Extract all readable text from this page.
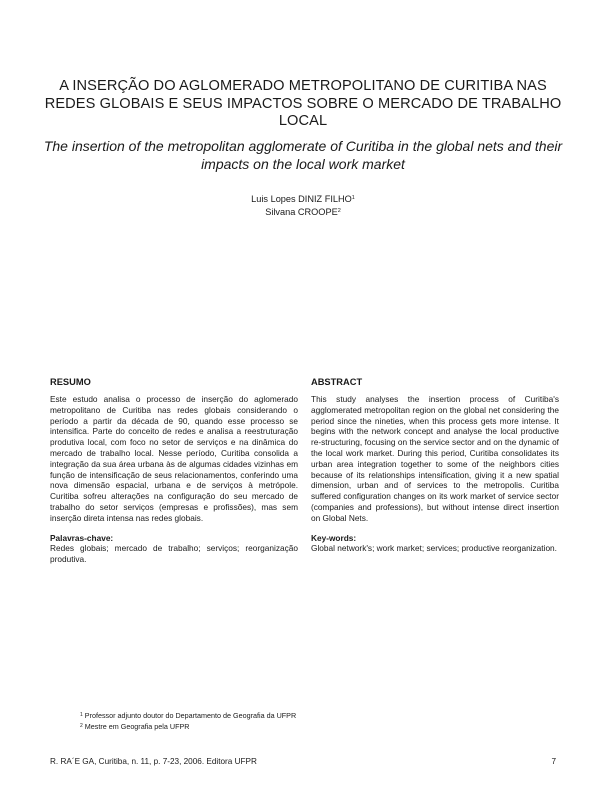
A INSERÇÃO DO AGLOMERADO METROPOLITANO DE CURITIBA NAS REDES GLOBAIS E SEUS IMPACTOS SOBRE O MERCADO DE TRABALHO LOCAL
The insertion of the metropolitan agglomerate of Curitiba in the global nets and their impacts on the local work market
Luis Lopes DINIZ FILHO$^1$
Silvana CROOPE$^2$
RESUMO

Este estudo analisa o processo de inserção do aglomerado metropolitano de Curitiba nas redes globais considerando o período a partir da década de 90, quando esse processo se intensifica. Parte do conceito de redes e analisa a reestruturação produtiva local, com foco no setor de serviços e na dinâmica do mercado de trabalho local. Nesse período, Curitiba consolida a integração da sua área urbana às de algumas cidades vizinhas em função de intensificação de seus relacionamentos, conferindo uma nova dimensão espacial, urbana e de serviços à metrópole. Curitiba sofreu alterações na configuração do seu mercado de trabalho do setor serviços (empresas e profissões), mas sem inserção direta intensa nas redes globais.

Palavras-chave:

Redes globais; mercado de trabalho; serviços; reorganização produtiva.

ABSTRACT

This study analyses the insertion process of Curitiba's agglomerated metropolitan region on the global net considering the period since the nineties, when this process gets more intense. It begins with the network concept and analyse the local productive re-structuring, focusing on the service sector and on the dynamic of the local work market. During this period, Curitiba consolidates its urban area integration together to some of the neighbors cities because of its relationships intensification, giving it a new spatial dimension, urban and of services to the metropolis. Curitiba suffered configuration changes on its work market of service sector (companies and professions), but without intense direct insertion on Global Nets.

Key-words:

Global network's; work market; services; productive reorganization.

$^1$ Professor adjunto doutor do Departamento de Geografia da UFPR
$^2$ Mestre em Geografia pela UFPR
R. RA´E GA, Curitiba, n. 11, p. 7-23, 2006. Editora UFPR	7
